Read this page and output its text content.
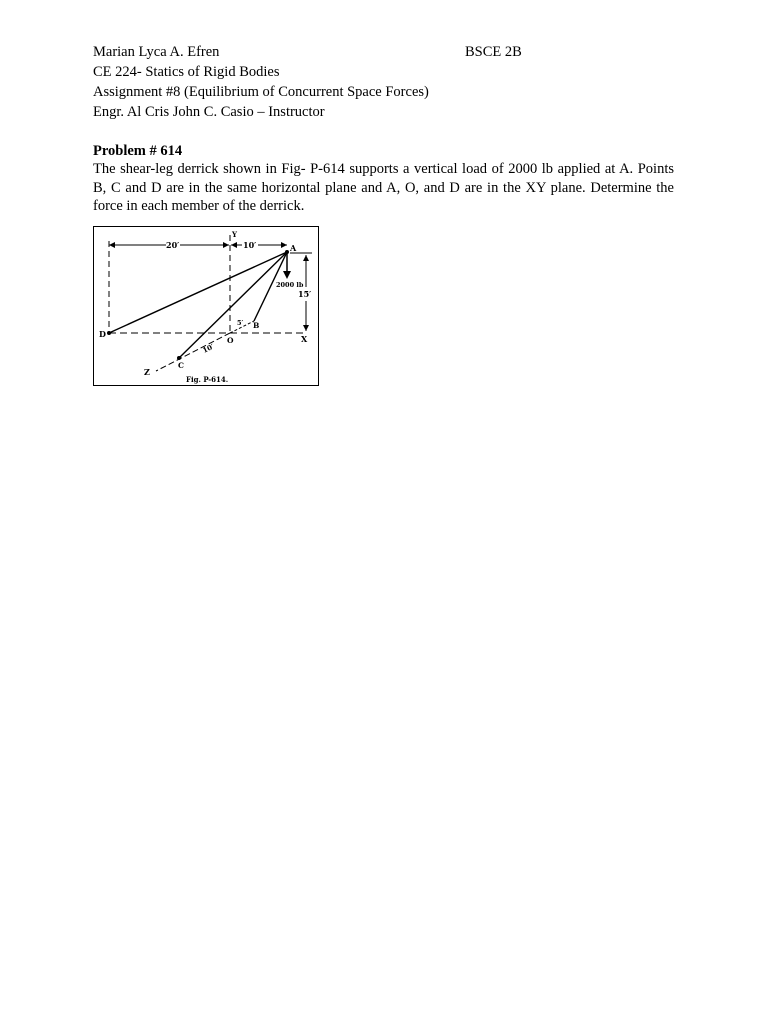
Marian Lyca A. Efren	BSCE 2B
CE 224- Statics of Rigid Bodies
Assignment #8 (Equilibrium of Concurrent Space Forces)
Engr. Al Cris John C. Casio – Instructor
Problem # 614
The shear-leg derrick shown in Fig- P-614 supports a vertical load of 2000 lb applied at A. Points B, C and D are in the same horizontal plane and A, O, and D are in the XY plane. Determine the force in each member of the derrick.
20′	10′
Y
X
15′
Z
2000 lb
A
B
5′
D
O
C
10′
Fig. P-614.
